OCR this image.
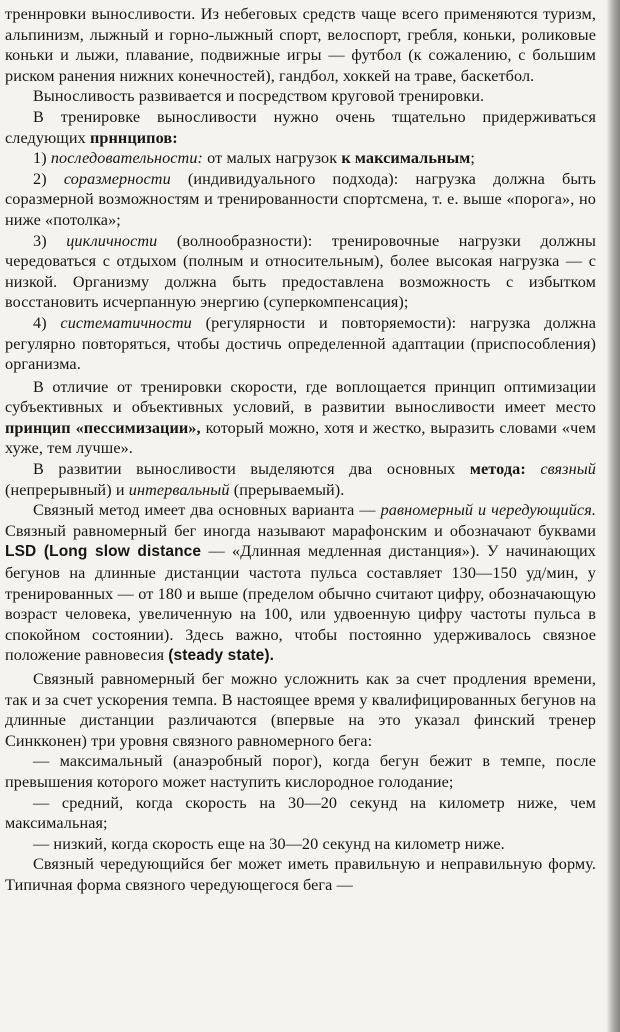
треннровки выносливости. Из небеговых средств чаще всего применяются туризм, альпинизм, лыжный и горно-лыжный спорт, велоспорт, гребля, коньки, роликовые коньки и лыжи, плавание, подвижные игры — футбол (к сожалению, с большим риском ранения нижних конечностей), гандбол, хоккей на траве, баскетбол.

Выносливость развивается и посредством круговой тренировки.

В тренировке выносливости нужно очень тщательно придерживаться следующих прннципов:

1) последовательности: от малых нагрузок к максимальным;

2) соразмерности (индивидуального подхода): нагрузка должна быть соразмерной возможностям и тренированности спортсмена, т. е. выше «порога», но ниже «потолка»;

3) цикличности (волнообразности): тренировочные нагрузки должны чередоваться с отдыхом (полным и относительным), более высокая нагрузка — с низкой. Организму должна быть предоставлена возможность с избытком восстановить исчерпанную энергию (суперкомпенсация);

4) систематичности (регулярности и повторяемости): нагрузка должна регулярно повторяться, чтобы достичь определенной адаптации (приспособления) организма.

В отличие от тренировки скорости, где воплощается принцип оптимизации субъективных и объективных условий, в развитии выносливости имеет место принцип «пессимизации», который можно, хотя и жестко, выразить словами «чем хуже, тем лучше».

В развитии выносливости выделяются два основных метода: связный (непрерывный) и интервальный (прерываемый).

Связный метод имеет два основных варианта — равномерный и чередующийся. Связный равномерный бег иногда называют марафонским и обозначают буквами LSD (Long slow distance — «Длинная медленная дистанция»). У начинающих бегунов на длинные дистанции частота пульса составляет 130—150 уд/мин, у тренированных — от 180 и выше (пределом обычно считают цифру, обозначающую возраст человека, увеличенную на 100, или удвоенную цифру частоты пульса в спокойном состоянии). Здесь важно, чтобы постоянно удерживалось связное положение равновесия (steady state).

Связный равномерный бег можно усложнить как за счет продления времени, так и за счет ускорения темпа. В настоящее время у квалифицированных бегунов на длинные дистанции различаются (впервые на это указал финский тренер Синкконен) три уровня связного равномерного бега:

— максимальный (анаэробный порог), когда бегун бежит в темпе, после превышения которого может наступить кислородное голодание;

— средний, когда скорость на 30—20 секунд на километр ниже, чем максимальная;

— низкий, когда скорость еще на 30—20 секунд на километр ниже.

Связный чередующийся бег может иметь правильную и неправильную форму. Типичная форма связного чередующегося бега —
